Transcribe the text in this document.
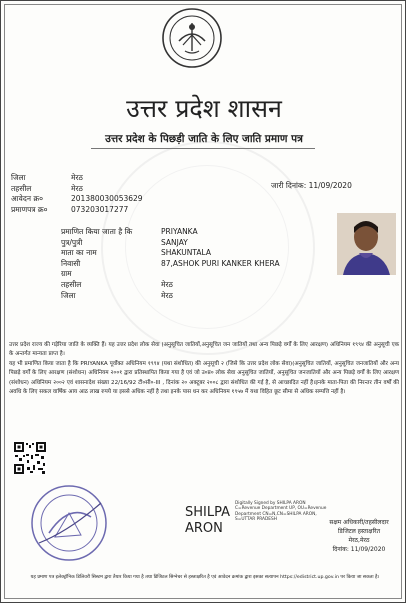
उत्तर प्रदेश शासन
उत्तर प्रदेश के पिछड़ी जाति के लिए जाति प्रमाण पत्र
जिला	मेरठ
तहसील	मेरठ
आवेदन क्र०	201380030053629
प्रमाणपत्र क्र०	073203017277
जारी दिनांक: 11/09/2020
प्रमाणित किया जाता है कि	PRIYANKA
पुत्र/पुत्री	SANJAY
माता का नाम	SHAKUNTALA
निवासी	87,ASHOK PURI KANKER KHERA
ग्राम
तहसील	मेरठ
जिला	मेरठ

उत्तर प्रदेश राज्य की गड़ेरिया जाति के व्यक्ति हैं। यह उत्तर प्रदेश लोक सेवा (अनुसूचित जातियों,अनुसूचित जन जातियों तथा अन्य पिछड़े वर्गों के लिए आरक्षण) अधिनियम १९९४ की अनुसूची एक के अन्तर्गत मान्यता प्राप्त है।

यह भी प्रमाणित किया जाता है कि PRIYANKA पूर्वोक्त अधिनियम १९९४ (यथा संशोधित) की अनुसूची २ (जिसे कि उत्तर प्रदेश लोक सेवा)(अनुसूचित जातियों, अनुसूचित जनजातियों और अन्य पिछड़े वर्गों के लिए आरक्षण (संशोधन) अधिनियम २००१ द्वारा प्रतिस्थापित किया गया है एवं जो उ०प्र० लोक सेवा अनुसूचित जातियों, अनुसूचित जनजातियों और अन्य पिछड़े वर्गों के लिए आरक्षण (संशोधन) अधिनियम २००२ एवं शासनादेश संख्या 22/16/92 टी०सी०-III , दिनांक २० अक्टूबर २००८ द्वारा संशोधित की गई है, से आच्छादित नहीं है।इनके माता-पिता की निरन्तर तीन वर्षों की अवधि के लिए सकल वार्षिक आय आठ लाख रुपये या इससे अधिक नहीं है तथा इनके पास धन कर अधिनियम १९५७ में यथा विहित छूट सीमा से अधिक सम्पत्ति नहीं है।

SHILPA
ARON
Digitally Signed by SHILPA ARON C=Revenue Department UP, OU=Revenue Department CN=N,CN=SHILPA ARON, S=UTTAR PRADESH	सक्षम अधिकारी/तहसीलदार
डिजिटल हस्ताक्षरित
मेरठ,मेरठ
दिनांक: 11/09/2020
यह प्रमाण पत्र इलेक्ट्रॉनिक डिलिवरी सिस्टम द्वारा तैयार किया गया है तथा डिजिटल सिग्नेचर से हस्ताक्षरित है एवं आवेदन क्रमांक द्वारा इसका सत्यापन https://edistrict.up.gov.in पर किया जा सकता है।
